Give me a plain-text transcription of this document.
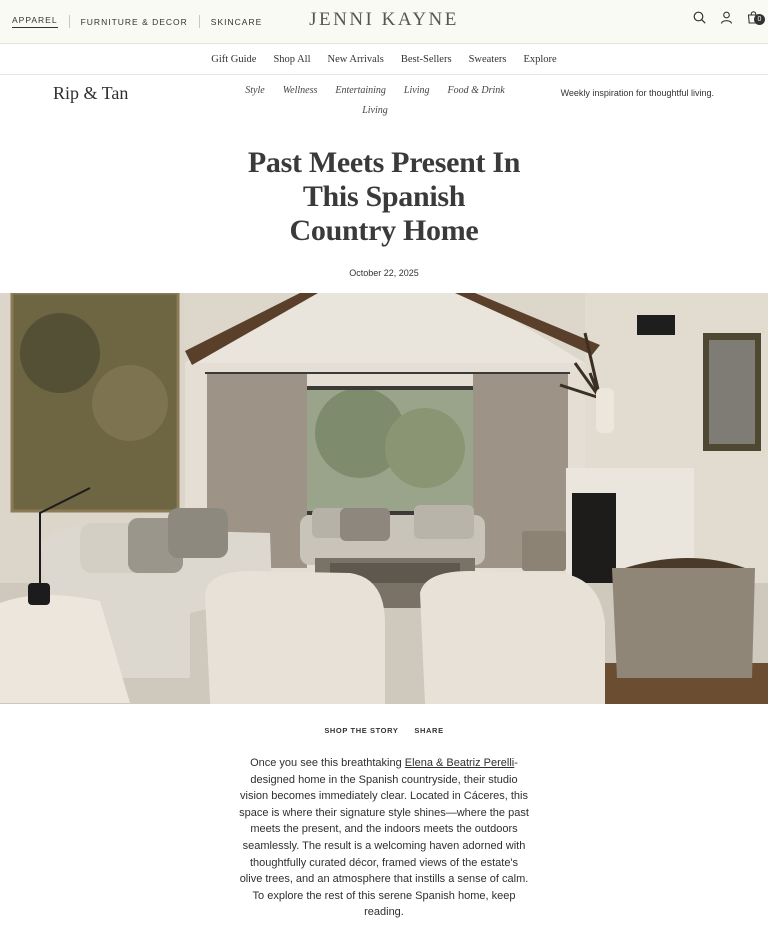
APPAREL	FURNITURE & DECOR	SKINCARE	JENNI KAYNE	0
Gift Guide Shop All New Arrivals Best-Sellers Sweaters Explore
Rip & Tan	Style Wellness Entertaining Living Food & Drink
Living
Weekly inspiration for thoughtful living.
Past Meets Present In
This Spanish
Country Home
October 22, 2025
SHOP THE STORY SHARE

Once you see this breathtaking Elena & Beatriz Perelli-designed home in the Spanish countryside, their studio vision becomes immediately clear. Located in Cáceres, this space is where their signature style shines—where the past meets the present, and the indoors meets the outdoors seamlessly. The result is a welcoming haven adorned with thoughtfully curated décor, framed views of the estate's olive trees, and an atmosphere that instills a sense of calm. To explore the rest of this serene Spanish home, keep reading.
